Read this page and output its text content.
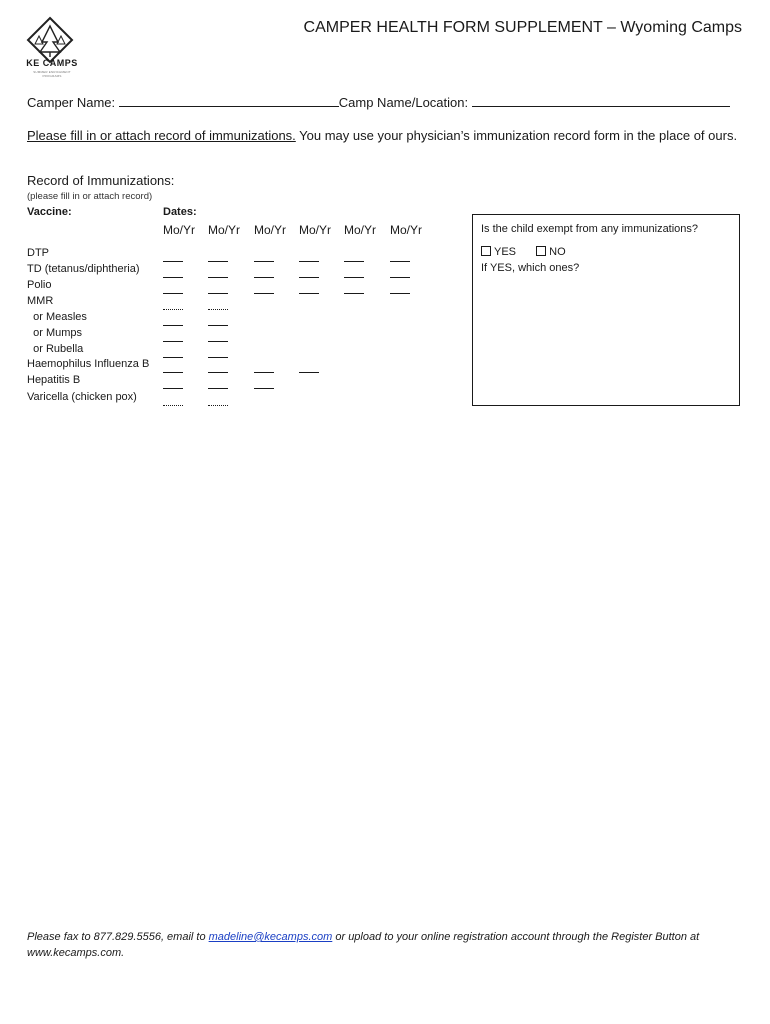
KE CAMPS
SUMMER ENRICHMENT PROGRAMS
CAMPER HEALTH FORM SUPPLEMENT – Wyoming Camps
Camper Name:	Camp Name/Location:
Please fill in or attach record of immunizations. You may use your physician’s immunization record form in the place of ours.
Record of Immunizations:
(please fill in or attach record)
Vaccine:	Dates:
Mo/Yr Mo/Yr Mo/Yr Mo/Yr Mo/Yr Mo/Yr
DTP
TD (tetanus/diphtheria)
Polio
MMR
or Measles
or Mumps
or Rubella
Haemophilus Influenza B
Hepatitis B
Varicella (chicken pox)
Is the child exempt from any immunizations?
YES	NO
If YES, which ones?
Please fax to 877.829.5556, email to madeline@kecamps.com or upload to your online registration account through the Register Button at www.kecamps.com.
